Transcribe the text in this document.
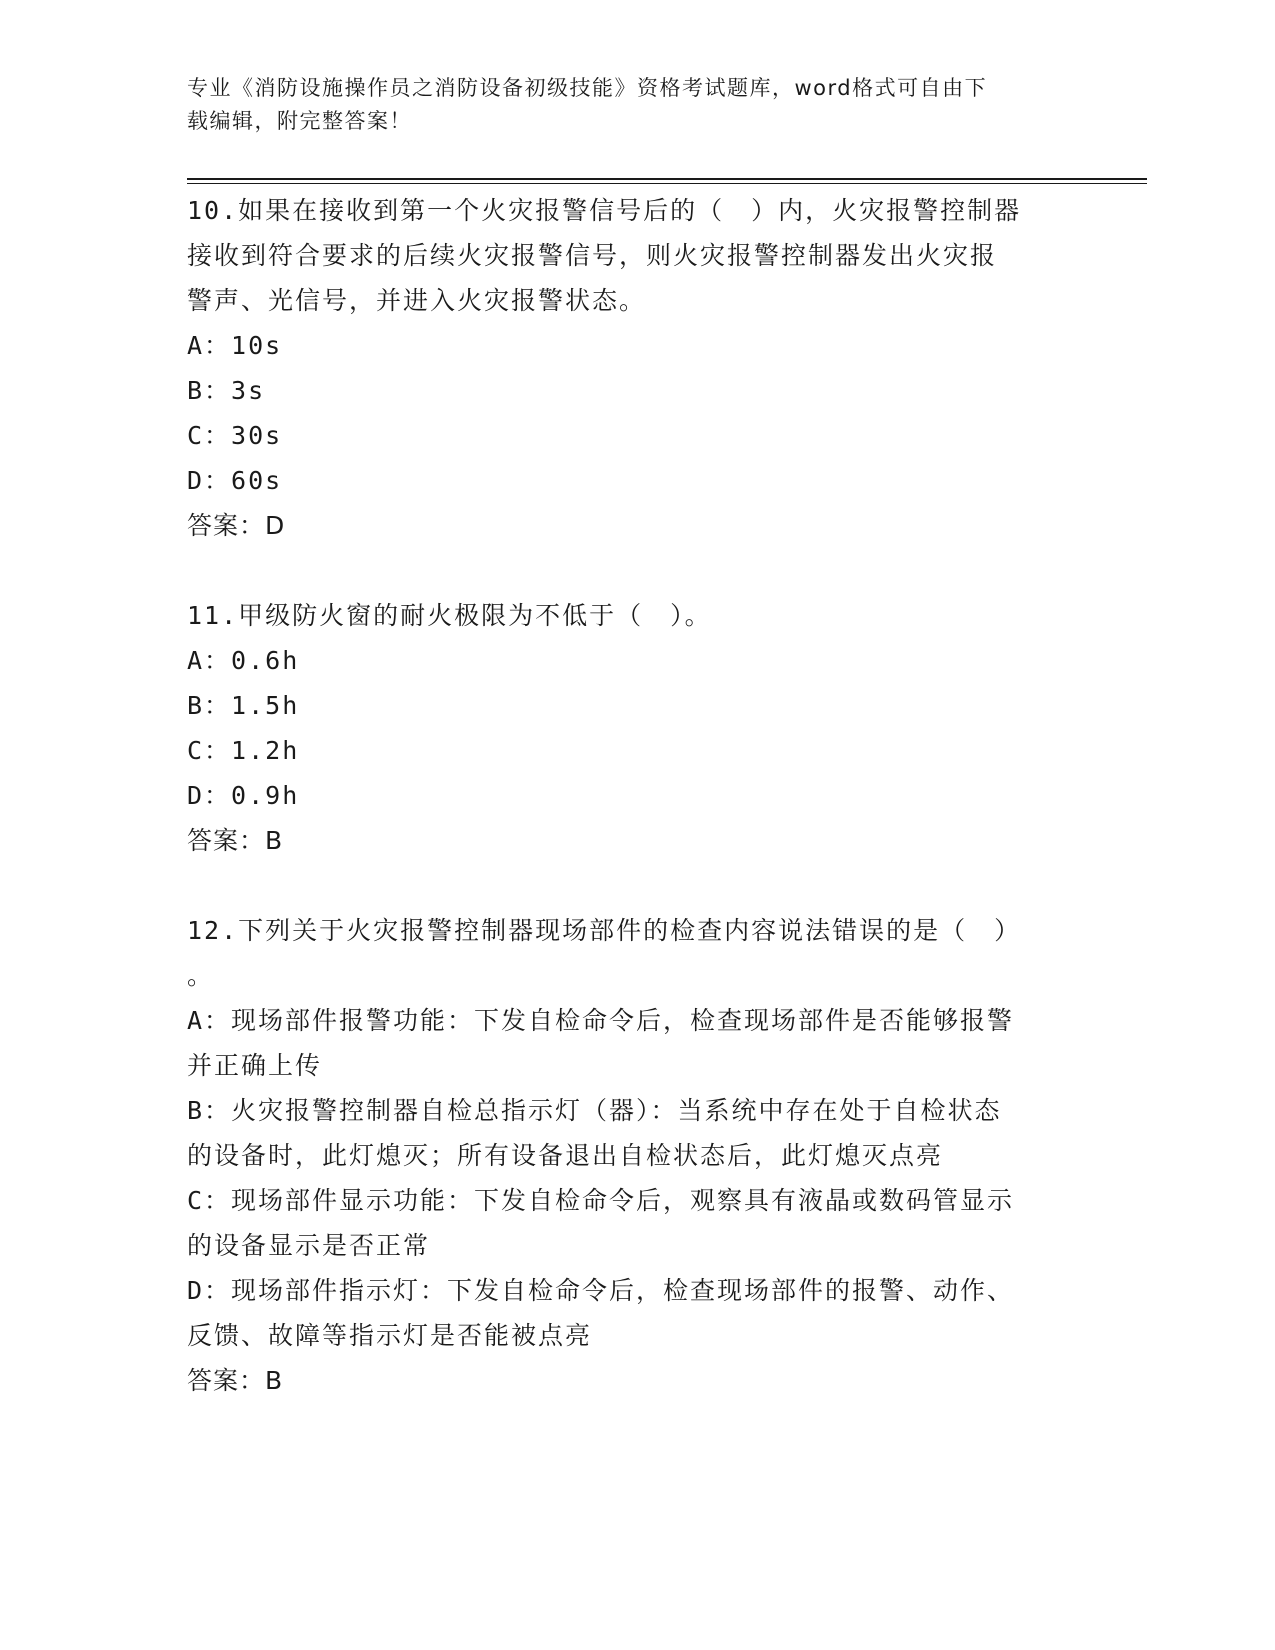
专业《消防设施操作员之消防设备初级技能》资格考试题库，word格式可自由下
载编辑，附完整答案！
10.如果在接收到第一个火灾报警信号后的（　）内，火灾报警控制器
接收到符合要求的后续火灾报警信号，则火灾报警控制器发出火灾报
警声、光信号，并进入火灾报警状态。
A：10s
B：3s
C：30s
D：60s
答案：D
11.甲级防火窗的耐火极限为不低于（　）。
A：0.6h
B：1.5h
C：1.2h
D：0.9h
答案：B
12.下列关于火灾报警控制器现场部件的检查内容说法错误的是（　）
。
A：现场部件报警功能：下发自检命令后，检查现场部件是否能够报警
并正确上传
B：火灾报警控制器自检总指示灯（器）：当系统中存在处于自检状态
的设备时，此灯熄灭；所有设备退出自检状态后，此灯熄灭点亮
C：现场部件显示功能：下发自检命令后，观察具有液晶或数码管显示
的设备显示是否正常
D：现场部件指示灯：下发自检命令后，检查现场部件的报警、动作、
反馈、故障等指示灯是否能被点亮
答案：B
